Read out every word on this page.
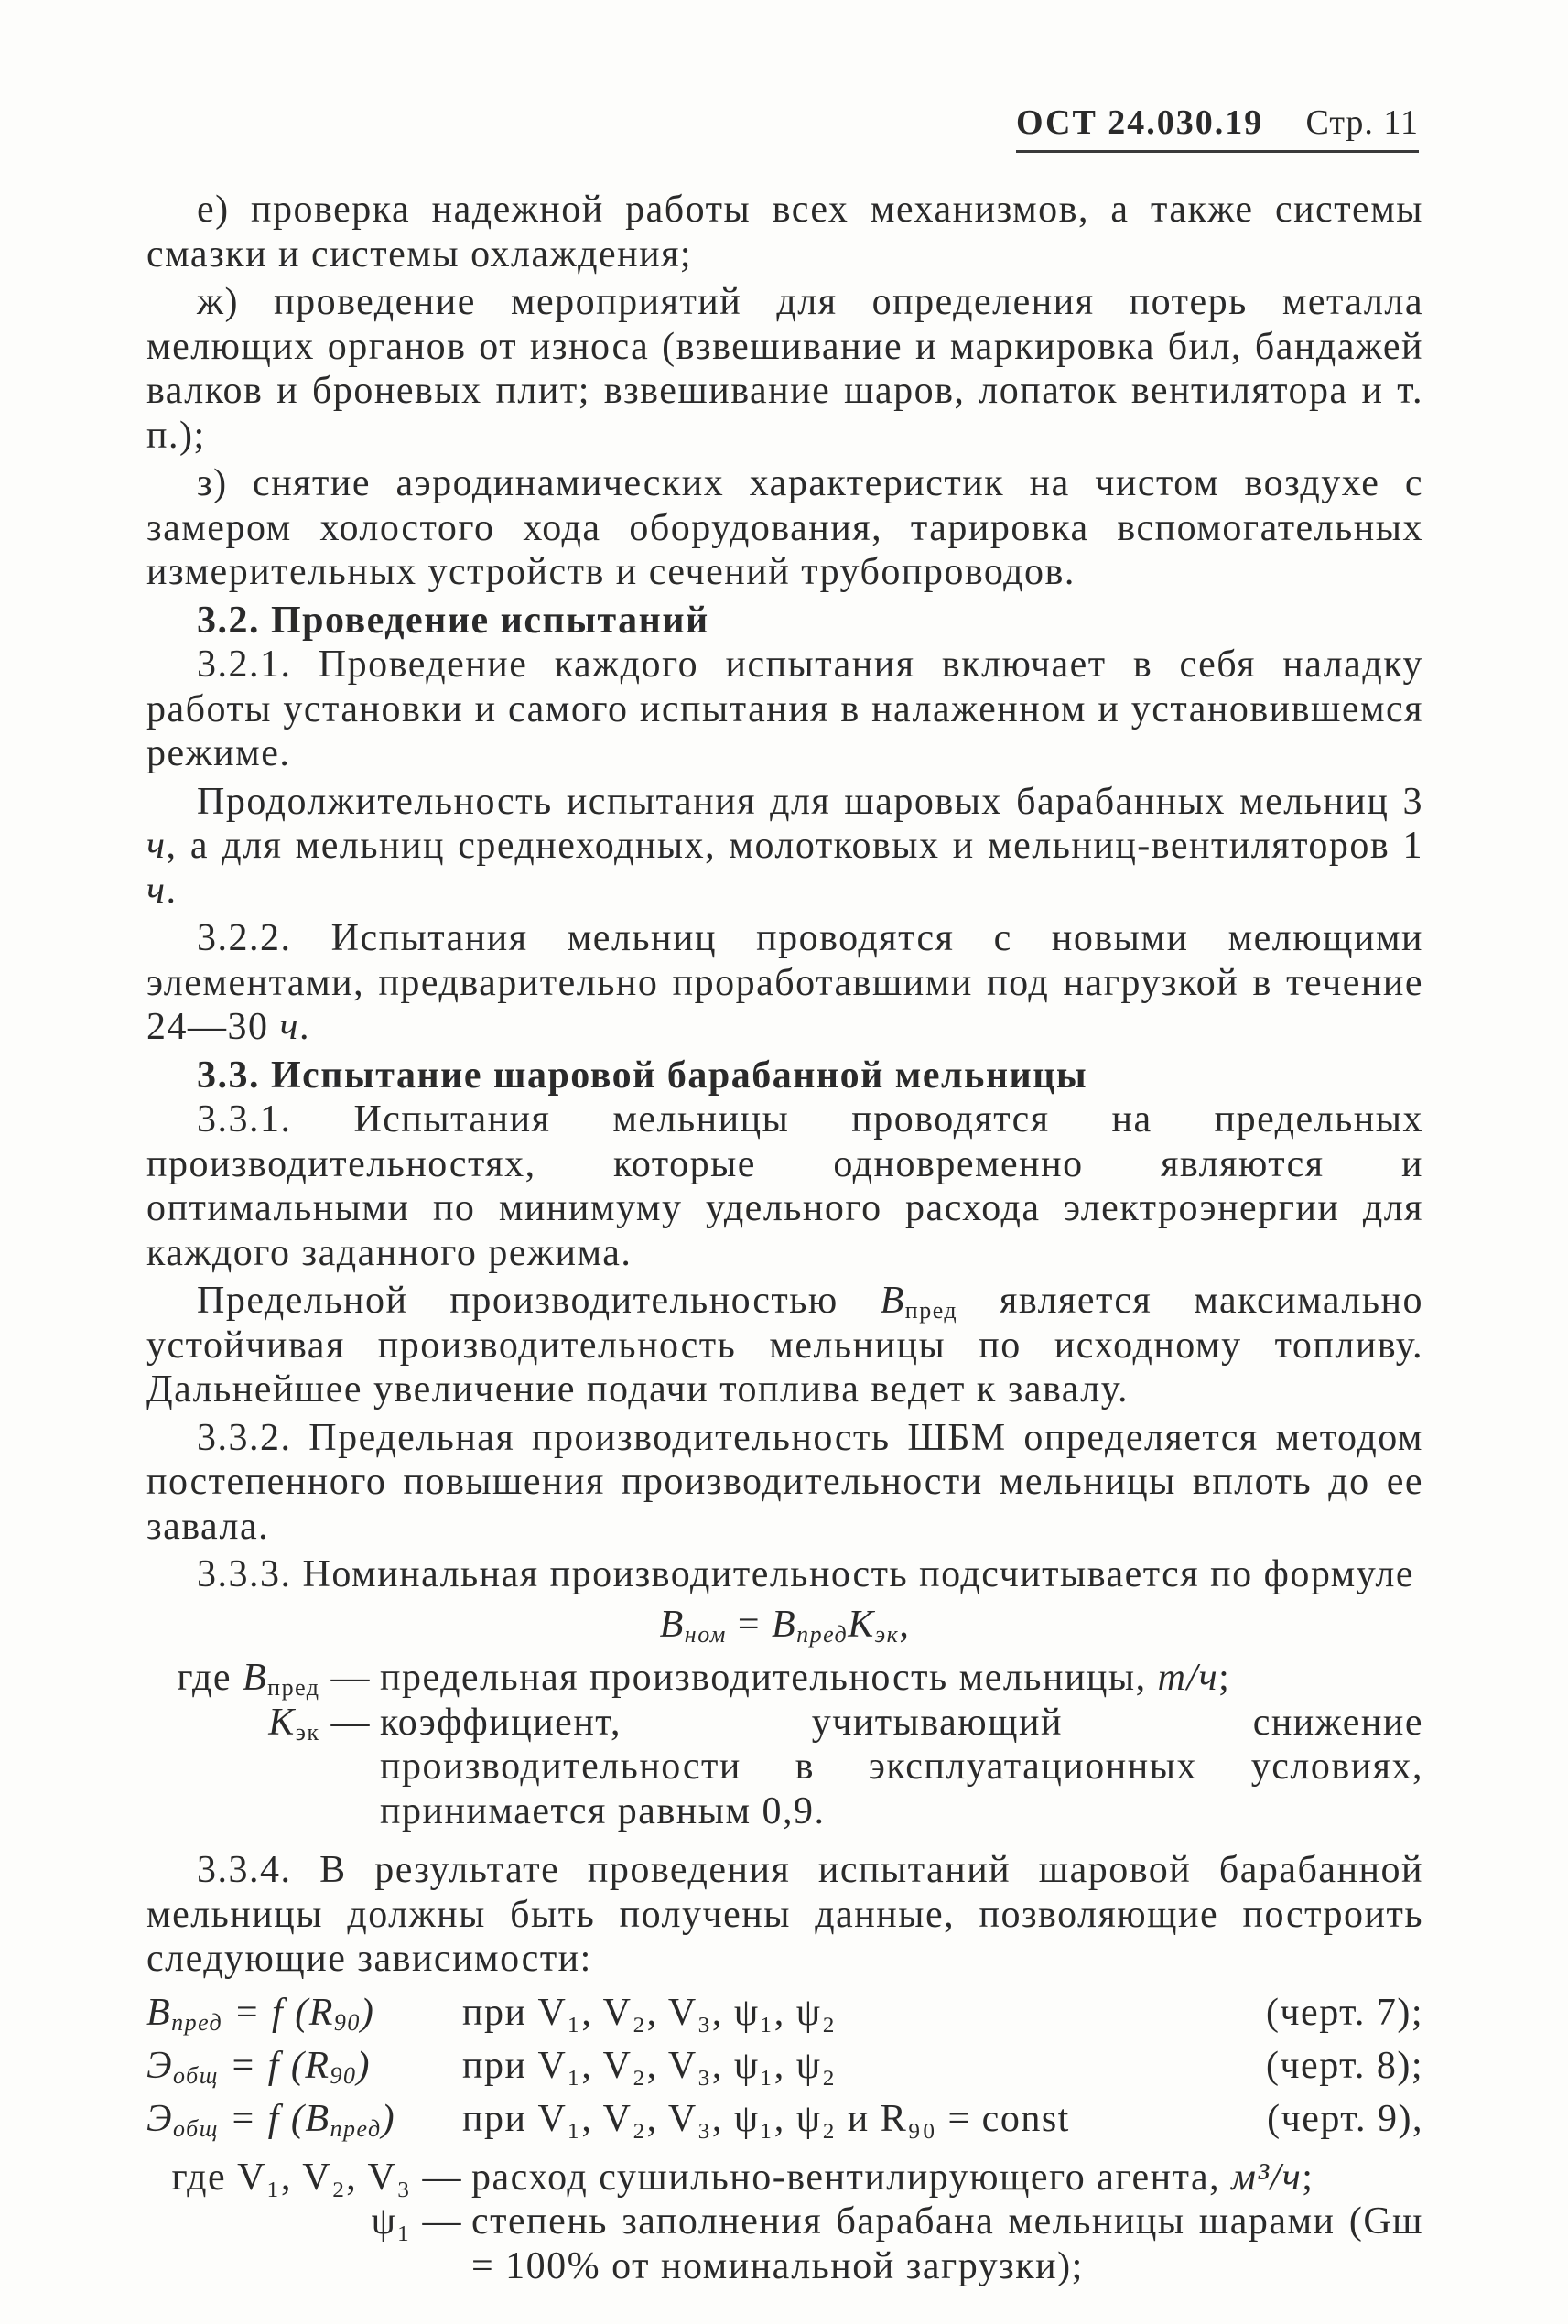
ОСТ 24.030.19 Стр. 11

е) проверка надежной работы всех механизмов, а также системы смазки и системы охлаждения;

ж) проведение мероприятий для определения потерь металла мелющих органов от износа (взвешивание и маркировка бил, бандажей валков и броневых плит; взвешивание шаров, лопаток вентилятора и т. п.);

з) снятие аэродинамических характеристик на чистом воздухе с замером холостого хода оборудования, тарировка вспомогательных измерительных устройств и сечений трубопроводов.

3.2. Проведение испытаний

3.2.1. Проведение каждого испытания включает в себя наладку работы установки и самого испытания в налаженном и установившемся режиме.

Продолжительность испытания для шаровых барабанных мельниц 3 ч, а для мельниц среднеходных, молотковых и мельниц-вентиляторов 1 ч.

3.2.2. Испытания мельниц проводятся с новыми мелющими элементами, предварительно проработавшими под нагрузкой в течение 24—30 ч.

3.3. Испытание шаровой барабанной мельницы

3.3.1. Испытания мельницы проводятся на предельных производительностях, которые одновременно являются и оптимальными по минимуму удельного расхода электроэнергии для каждого заданного режима.

Предельной производительностью $B_{пред}$ является максимально устойчивая производительность мельницы по исходному топливу. Дальнейшее увеличение подачи топлива ведет к завалу.

3.3.2. Предельная производительность ШБМ определяется методом постепенного повышения производительности мельницы вплоть до ее завала.

3.3.3. Номинальная производительность подсчитывается по формуле

$B_{ном} = B_{пред}K_{эк}$,
где $B_{пред}$ — предельная производительность мельницы, т/ч;
$K_{эк}$ — коэффициент, учитывающий снижение производительности в эксплуатационных условиях, принимается равным 0,9.

3.3.4. В результате проведения испытаний шаровой барабанной мельницы должны быть получены данные, позволяющие построить следующие зависимости:

$B_{пред} = f$ $(R_{90})$	при V₁, V₂, V₃, ψ₁, ψ₂	(черт. 7);
$Э_{общ} = f$ $(R_{90})$	при V₁, V₂, V₃, ψ₁, ψ₂	(черт. 8);
$Э_{общ} = f$ $(B_{пред})$	при V₁, V₂, V₃, ψ₁, ψ₂ и R₉₀ = const	(черт. 9),
где V₁, V₂, V₃ — расход сушильно-вентилирующего агента, м³/ч;
ψ₁ — степень заполнения барабана мельницы шарами (Gш = 100% от номинальной загрузки);
